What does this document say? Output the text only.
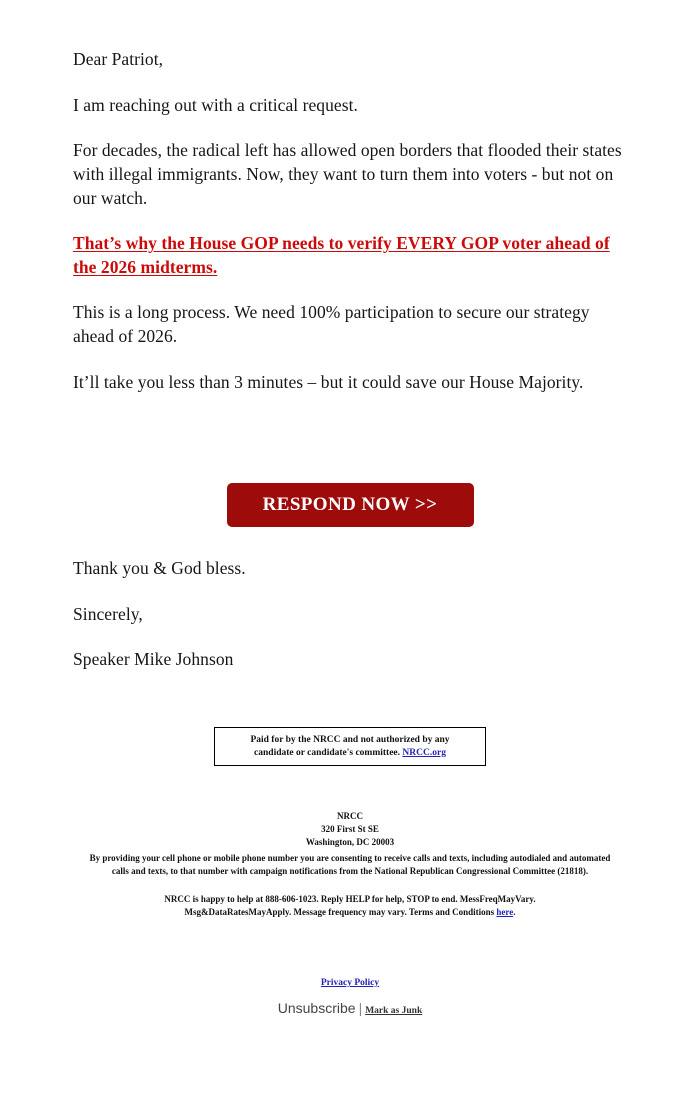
Dear Patriot,

I am reaching out with a critical request.

For decades, the radical left has allowed open borders that flooded their states with illegal immigrants. Now, they want to turn them into voters - but not on our watch.

That’s why the House GOP needs to verify EVERY GOP voter ahead of the 2026 midterms.

This is a long process. We need 100% participation to secure our strategy ahead of 2026.

It’ll take you less than 3 minutes – but it could save our House Majority.

RESPOND NOW >>

Thank you & God bless.

Sincerely,

Speaker Mike Johnson

Paid for by the NRCC and not authorized by any
candidate or candidate's committee. NRCC.org
NRCC
320 First St SE
Washington, DC 20003
By providing your cell phone or mobile phone number you are consenting to receive calls and texts, including autodialed and automated calls and texts, to that number with campaign notifications from the National Republican Congressional Committee (21818).
NRCC is happy to help at 888-606-1023. Reply HELP for help, STOP to end. MessFreqMayVary. Msg&DataRatesMayApply. Message frequency may vary. Terms and Conditions here.
Privacy Policy
Unsubscribe | Mark as Junk
